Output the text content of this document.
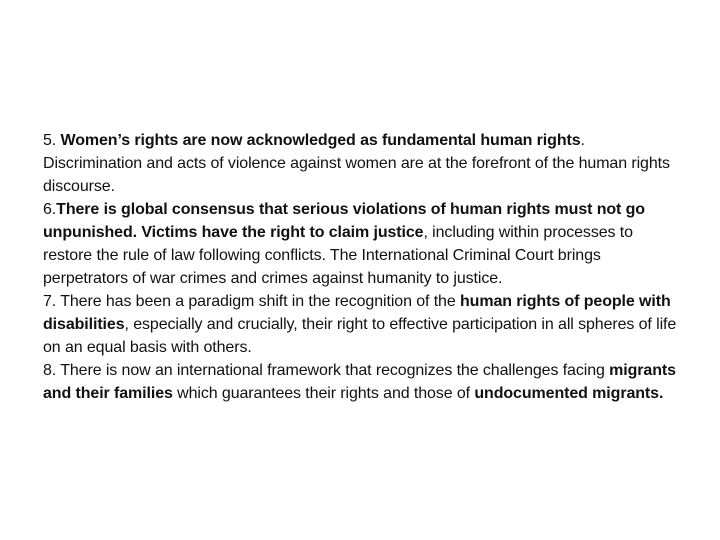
5. Women’s rights are now acknowledged as fundamental human rights. Discrimination and acts of violence against women are at the forefront of the human rights discourse.

6.There is global consensus that serious violations of human rights must not go unpunished. Victims have the right to claim justice, including within processes to restore the rule of law following conflicts. The International Criminal Court brings perpetrators of war crimes and crimes against humanity to justice.

7. There has been a paradigm shift in the recognition of the human rights of people with disabilities, especially and crucially, their right to effective participation in all spheres of life on an equal basis with others.

8. There is now an international framework that recognizes the challenges facing migrants and their families which guarantees their rights and those of undocumented migrants.
